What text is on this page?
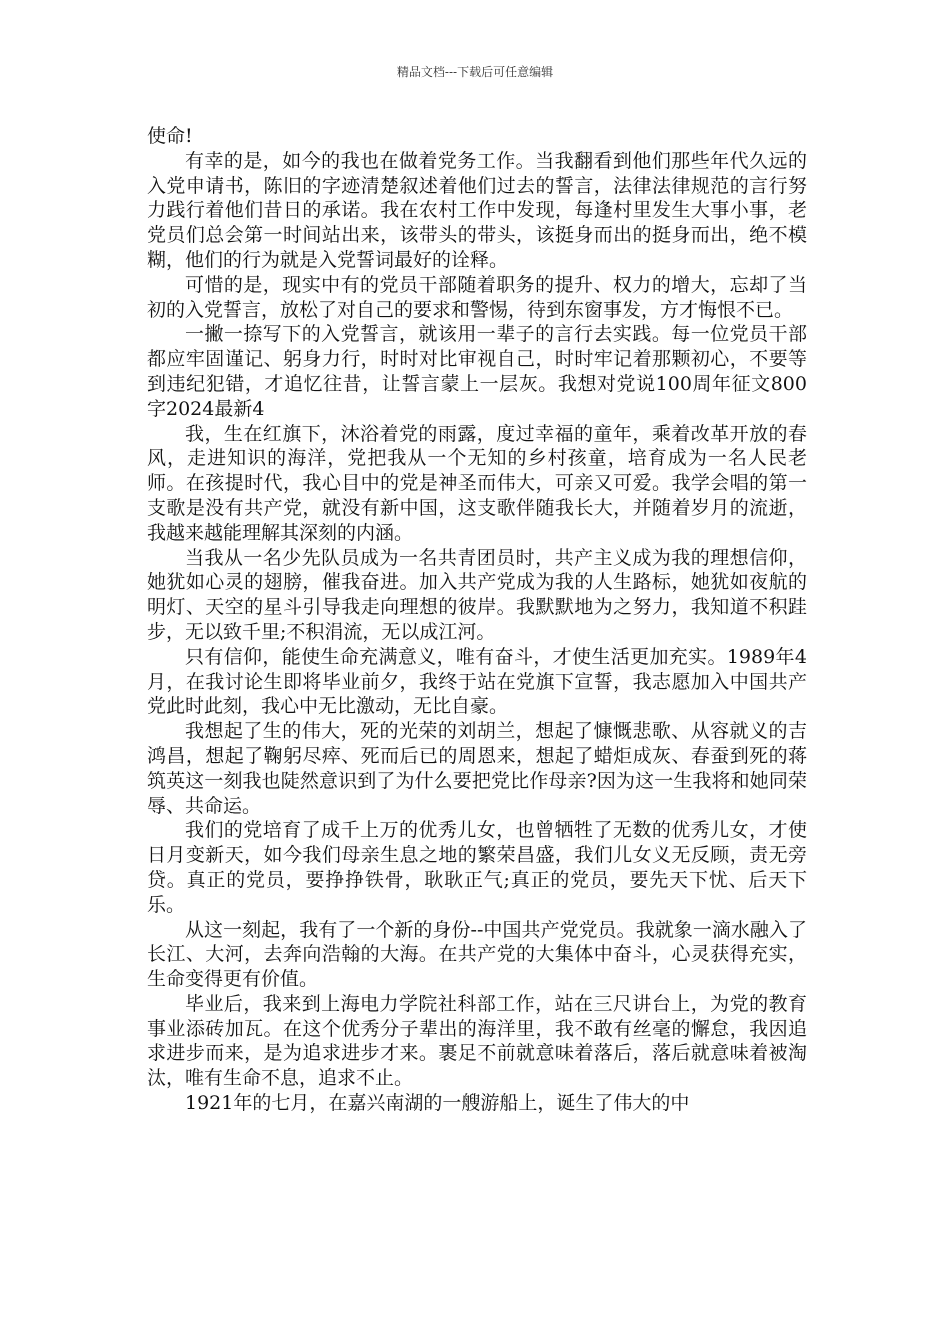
精品文档---下载后可任意编辑

使命!

有幸的是，如今的我也在做着党务工作。当我翻看到他们那些年代久远的入党申请书，陈旧的字迹清楚叙述着他们过去的誓言，法律法律规范的言行努力践行着他们昔日的承诺。我在农村工作中发现，每逢村里发生大事小事，老党员们总会第一时间站出来，该带头的带头，该挺身而出的挺身而出，绝不模糊，他们的行为就是入党誓词最好的诠释。

可惜的是，现实中有的党员干部随着职务的提升、权力的增大，忘却了当初的入党誓言，放松了对自己的要求和警惕，待到东窗事发，方才悔恨不已。

一撇一捺写下的入党誓言，就该用一辈子的言行去实践。每一位党员干部都应牢固谨记、躬身力行，时时对比审视自己，时时牢记着那颗初心，不要等到违纪犯错，才追忆往昔，让誓言蒙上一层灰。我想对党说100周年征文800字2024最新4

我，生在红旗下，沐浴着党的雨露，度过幸福的童年，乘着改革开放的春风，走进知识的海洋，党把我从一个无知的乡村孩童，培育成为一名人民老师。在孩提时代，我心目中的党是神圣而伟大，可亲又可爱。我学会唱的第一支歌是没有共产党，就没有新中国，这支歌伴随我长大，并随着岁月的流逝，我越来越能理解其深刻的内涵。

当我从一名少先队员成为一名共青团员时，共产主义成为我的理想信仰，她犹如心灵的翅膀，催我奋进。加入共产党成为我的人生路标，她犹如夜航的明灯、天空的星斗引导我走向理想的彼岸。我默默地为之努力，我知道不积跬步，无以致千里;不积涓流，无以成江河。

只有信仰，能使生命充满意义，唯有奋斗，才使生活更加充实。1989年4月，在我讨论生即将毕业前夕，我终于站在党旗下宣誓，我志愿加入中国共产党此时此刻，我心中无比激动，无比自豪。

我想起了生的伟大，死的光荣的刘胡兰，想起了慷慨悲歌、从容就义的吉鸿昌，想起了鞠躬尽瘁、死而后已的周恩来，想起了蜡炬成灰、春蚕到死的蒋筑英这一刻我也陡然意识到了为什么要把党比作母亲?因为这一生我将和她同荣辱、共命运。

我们的党培育了成千上万的优秀儿女，也曾牺牲了无数的优秀儿女，才使日月变新天，如今我们母亲生息之地的繁荣昌盛，我们儿女义无反顾，责无旁贷。真正的党员，要挣挣铁骨，耿耿正气;真正的党员，要先天下忧、后天下乐。

从这一刻起，我有了一个新的身份--中国共产党党员。我就象一滴水融入了长江、大河，去奔向浩翰的大海。在共产党的大集体中奋斗，心灵获得充实，生命变得更有价值。

毕业后，我来到上海电力学院社科部工作，站在三尺讲台上，为党的教育事业添砖加瓦。在这个优秀分子辈出的海洋里，我不敢有丝毫的懈怠，我因追求进步而来，是为追求进步才来。裹足不前就意味着落后，落后就意味着被淘汰，唯有生命不息，追求不止。

1921年的七月，在嘉兴南湖的一艘游船上，诞生了伟大的中
